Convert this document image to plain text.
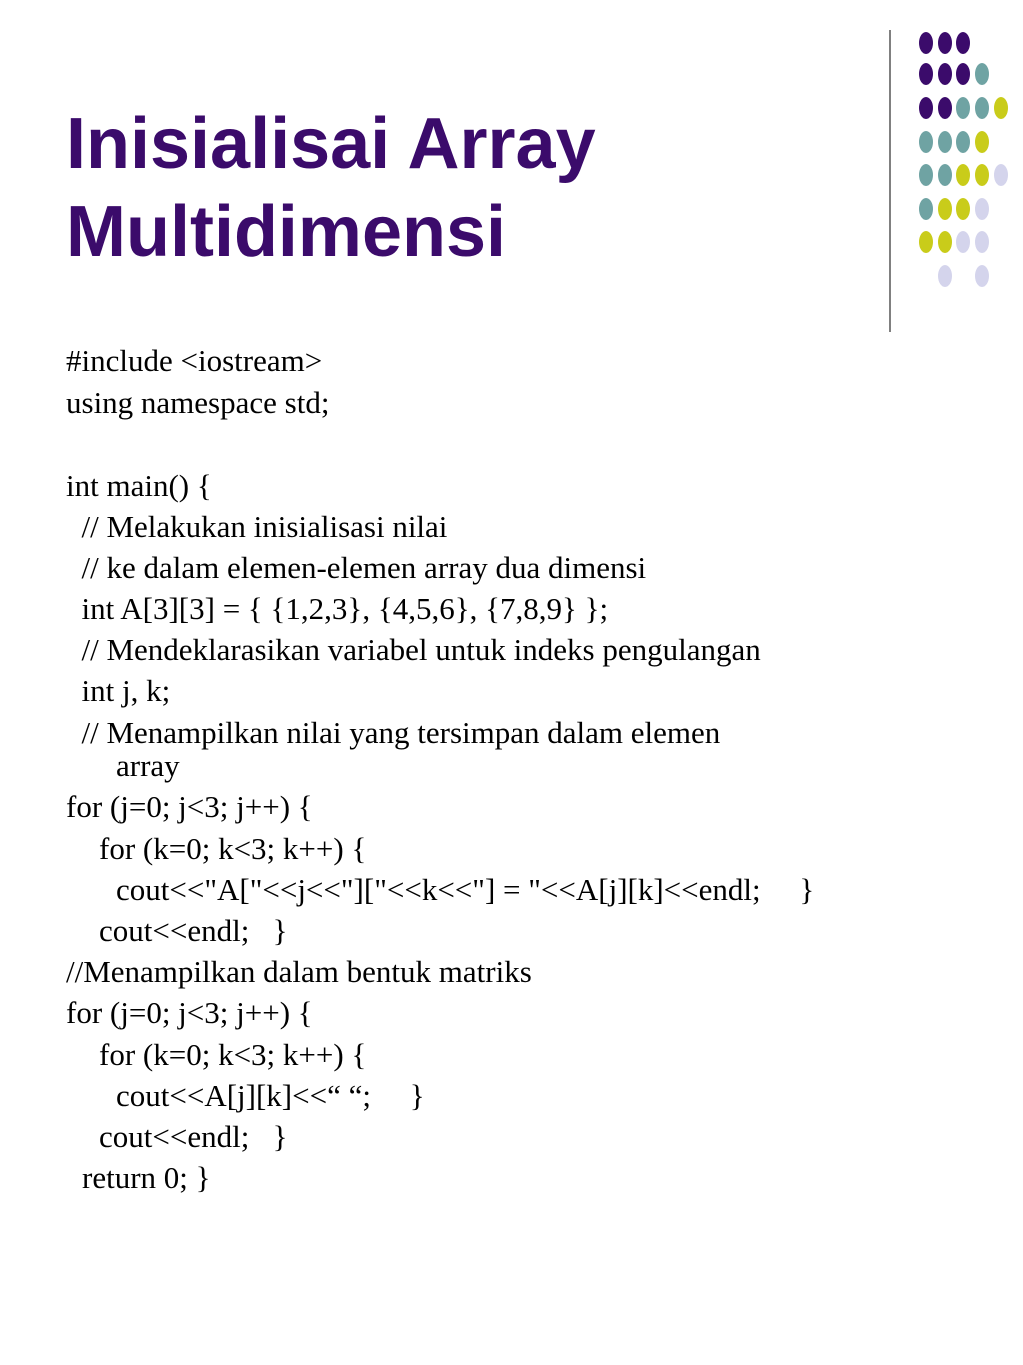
Inisialisai Array
Multidimensi
#include <iostream>
using namespace std;
int main() {
// Melakukan inisialisasi nilai
// ke dalam elemen-elemen array dua dimensi
int A[3][3] = { {1,2,3}, {4,5,6}, {7,8,9} };
// Mendeklarasikan variabel untuk indeks pengulangan
int j, k;
// Menampilkan nilai yang tersimpan dalam elemen
array
for (j=0; j<3; j++) {
for (k=0; k<3; k++) {
cout<<"A["<<j<<"]["<<k<<"] = "<<A[j][k]<<endl;     }
cout<<endl;   }
//Menampilkan dalam bentuk matriks
for (j=0; j<3; j++) {
for (k=0; k<3; k++) {
cout<<A[j][k]<<“ “;     }
cout<<endl;   }
return 0; }
